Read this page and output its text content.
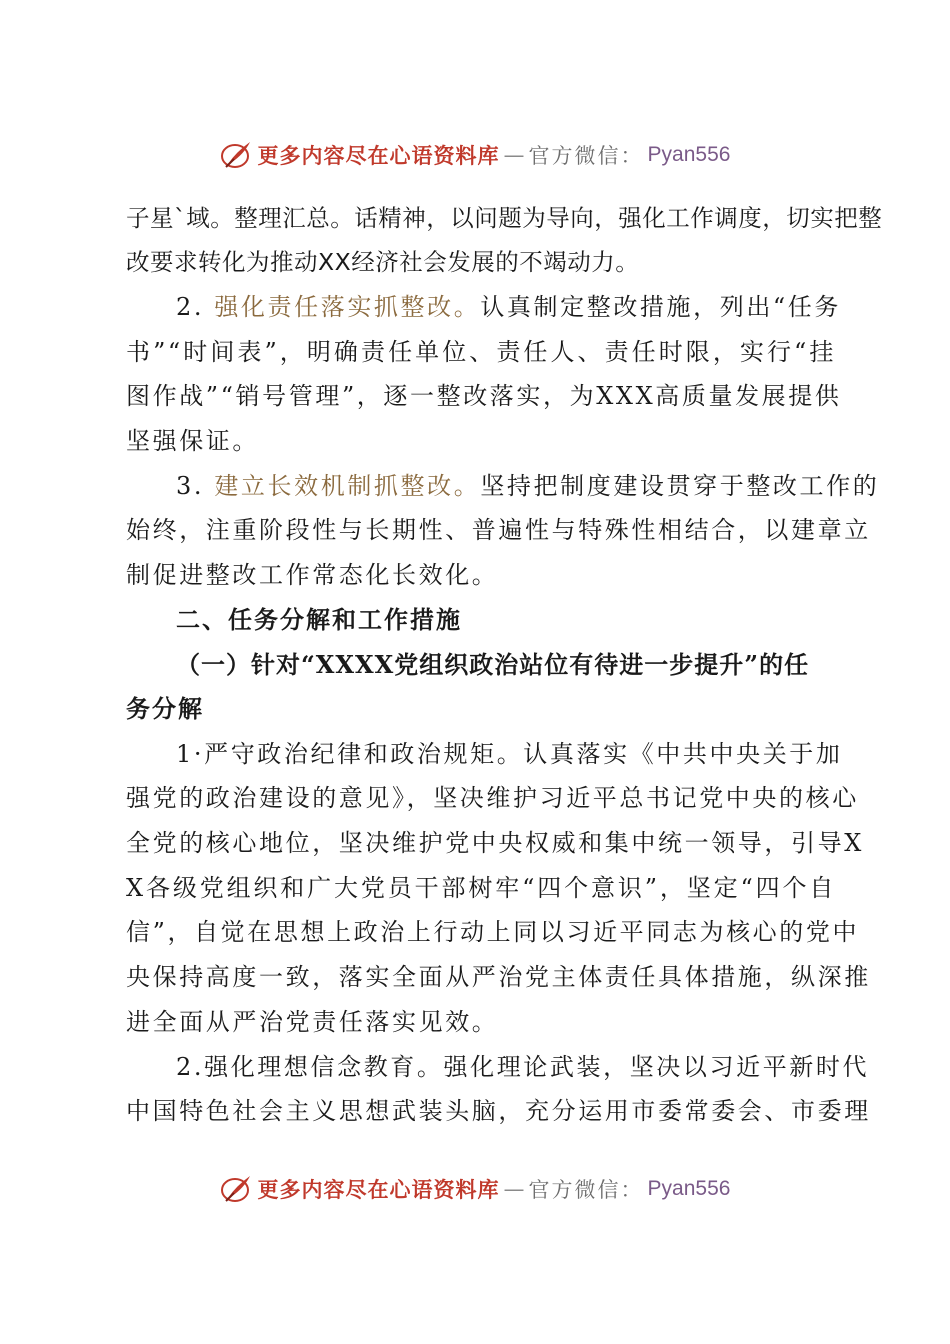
更多内容尽在心语资料库 — 官方微信： Pyan556
子星`域。整理汇总。话精神，以问题为导向，强化工作调度，切实把整
改要求转化为推动XX经济社会发展的不竭动力。
2. 强化责任落实抓整改。认真制定整改措施，列出“任务
书”“时间表”，明确责任单位、责任人、责任时限，实行“挂
图作战”“销号管理”，逐一整改落实，为XXX高质量发展提供
坚强保证。
3. 建立长效机制抓整改。坚持把制度建设贯穿于整改工作的
始终，注重阶段性与长期性、普遍性与特殊性相结合，以建章立
制促进整改工作常态化长效化。
二、任务分解和工作措施
（一）针对“XXXX党组织政治站位有待进一步提升”的任
务分解
1·严守政治纪律和政治规矩。认真落实《中共中央关于加
强党的政治建设的意见》，坚决维护习近平总书记党中央的核心
全党的核心地位，坚决维护党中央权威和集中统一领导，引导X
X各级党组织和广大党员干部树牢“四个意识”，坚定“四个自
信”，自觉在思想上政治上行动上同以习近平同志为核心的党中
央保持高度一致，落实全面从严治党主体责任具体措施，纵深推
进全面从严治党责任落实见效。
2.强化理想信念教育。强化理论武装，坚决以习近平新时代
中国特色社会主义思想武装头脑，充分运用市委常委会、市委理
更多内容尽在心语资料库 — 官方微信： Pyan556
